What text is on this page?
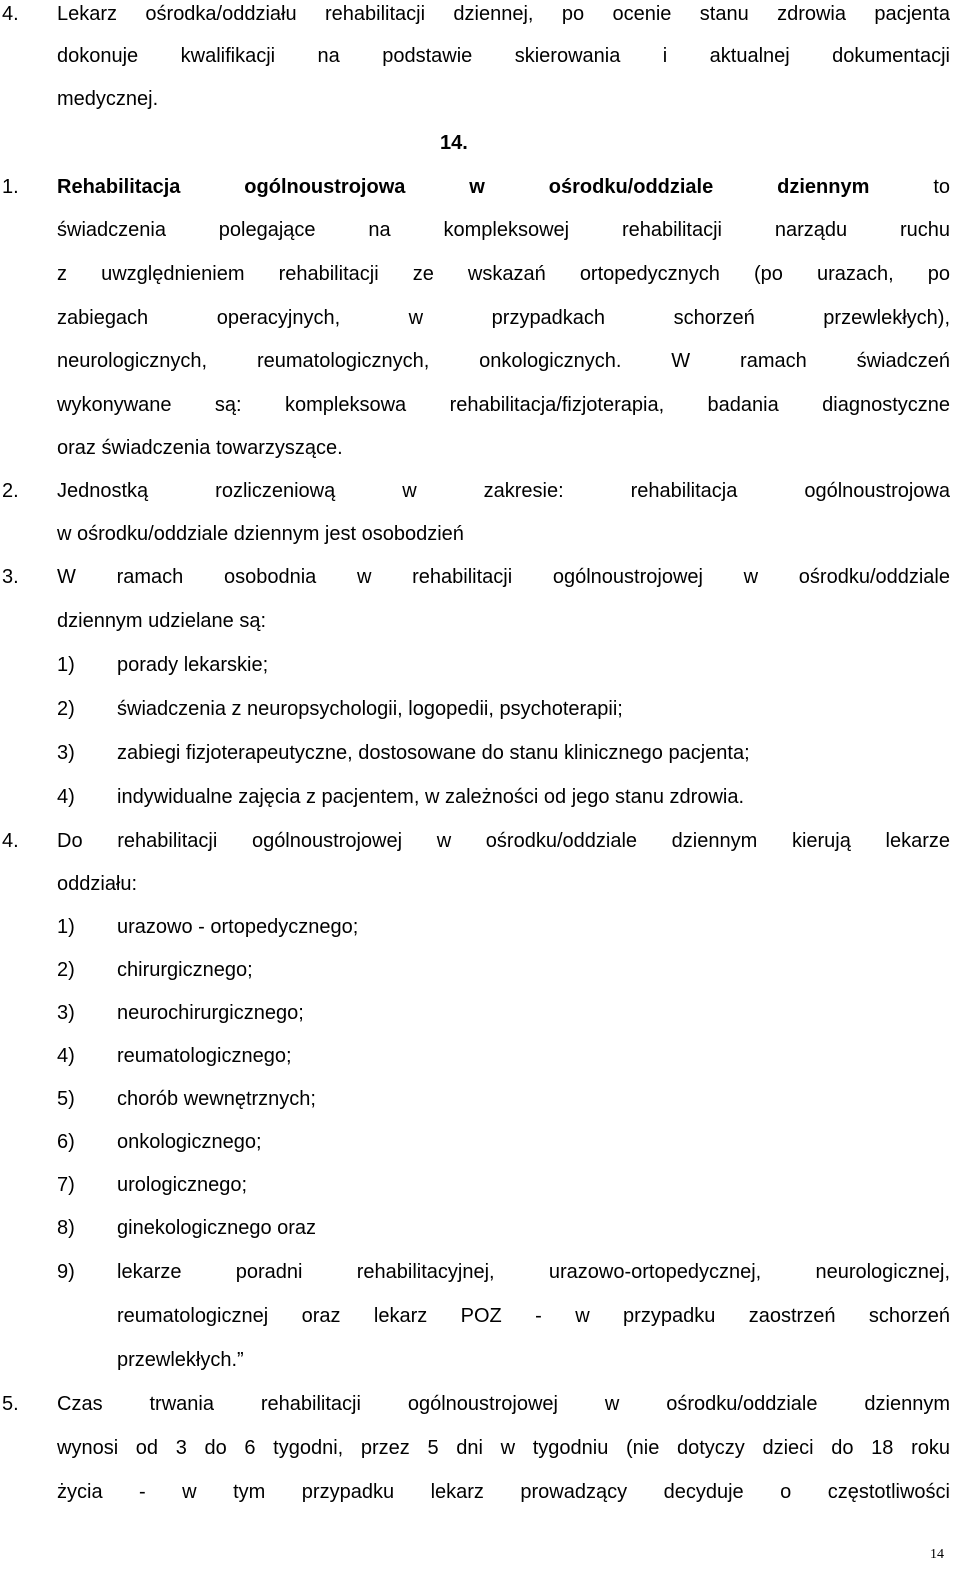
4. Lekarz ośrodka/oddziału rehabilitacji dziennej, po ocenie stanu zdrowia pacjenta
dokonuje kwalifikacji na podstawie skierowania i aktualnej dokumentacji
medycznej.
14.
1. Rehabilitacja ogólnoustrojowa w ośrodku/oddziale dziennym	to
świadczenia polegające na kompleksowej rehabilitacji narządu ruchu
z uwzględnieniem rehabilitacji ze wskazań ortopedycznych (po urazach, po
zabiegach operacyjnych, w przypadkach schorzeń przewlekłych),
neurologicznych, reumatologicznych, onkologicznych. W ramach świadczeń
wykonywane są: kompleksowa rehabilitacja/fizjoterapia, badania diagnostyczne
oraz świadczenia towarzyszące.
2. Jednostką rozliczeniową w zakresie: rehabilitacja ogólnoustrojowa
w ośrodku/oddziale dziennym jest osobodzień
3. W ramach osobodnia w rehabilitacji ogólnoustrojowej w ośrodku/oddziale
dziennym udzielane są:
1) porady lekarskie;
2) świadczenia z neuropsychologii, logopedii, psychoterapii;
3) zabiegi fizjoterapeutyczne, dostosowane do stanu klinicznego pacjenta;
4) indywidualne zajęcia z pacjentem, w zależności od jego stanu zdrowia.
4. Do rehabilitacji ogólnoustrojowej w ośrodku/oddziale dziennym kierują lekarze
oddziału:
1) urazowo - ortopedycznego;
2) chirurgicznego;
3) neurochirurgicznego;
4) reumatologicznego;
5) chorób wewnętrznych;
6) onkologicznego;
7) urologicznego;
8) ginekologicznego oraz
9) lekarze poradni rehabilitacyjnej, urazowo-ortopedycznej, neurologicznej,
reumatologicznej oraz lekarz POZ - w przypadku zaostrzeń schorzeń
przewlekłych.”
5. Czas trwania rehabilitacji ogólnoustrojowej w ośrodku/oddziale dziennym
wynosi od 3 do 6 tygodni, przez 5 dni w tygodniu (nie dotyczy dzieci do 18 roku
życia - w tym przypadku lekarz prowadzący decyduje o częstotliwości
14
